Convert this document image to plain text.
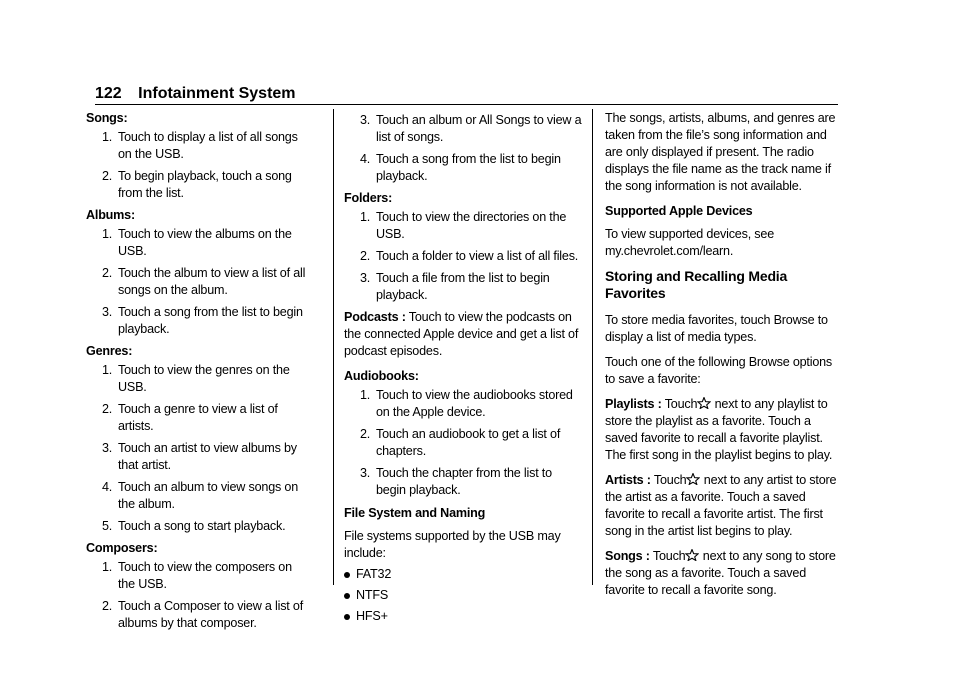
122 Infotainment System
Songs:
1. Touch to display a list of all songs on the USB.
2. To begin playback, touch a song from the list.
Albums:
1. Touch to view the albums on the USB.
2. Touch the album to view a list of all songs on the album.
3. Touch a song from the list to begin playback.
Genres:
1. Touch to view the genres on the USB.
2. Touch a genre to view a list of artists.
3. Touch an artist to view albums by that artist.
4. Touch an album to view songs on the album.
5. Touch a song to start playback.
Composers:
1. Touch to view the composers on the USB.
2. Touch a Composer to view a list of albums by that composer.
3. Touch an album or All Songs to view a list of songs.
4. Touch a song from the list to begin playback.
Folders:
1. Touch to view the directories on the USB.
2. Touch a folder to view a list of all files.
3. Touch a file from the list to begin playback.
Podcasts : Touch to view the podcasts on the connected Apple device and get a list of podcast episodes.
Audiobooks:
1. Touch to view the audiobooks stored on the Apple device.
2. Touch an audiobook to get a list of chapters.
3. Touch the chapter from the list to begin playback.
File System and Naming
File systems supported by the USB may include:
FAT32
NTFS
HFS+
The songs, artists, albums, and genres are taken from the file’s song information and are only displayed if present. The radio displays the file name as the track name if the song information is not available.
Supported Apple Devices
To view supported devices, see my.chevrolet.com/learn.
Storing and Recalling Media Favorites
To store media favorites, touch Browse to display a list of media types.
Touch one of the following Browse options to save a favorite:
Playlists : Touch next to any playlist to store the playlist as a favorite. Touch a saved favorite to recall a favorite playlist. The first song in the playlist begins to play.
Artists : Touch next to any artist to store the artist as a favorite. Touch a saved favorite to recall a favorite artist. The first song in the artist list begins to play.
Songs : Touch next to any song to store the song as a favorite. Touch a saved favorite to recall a favorite song.
